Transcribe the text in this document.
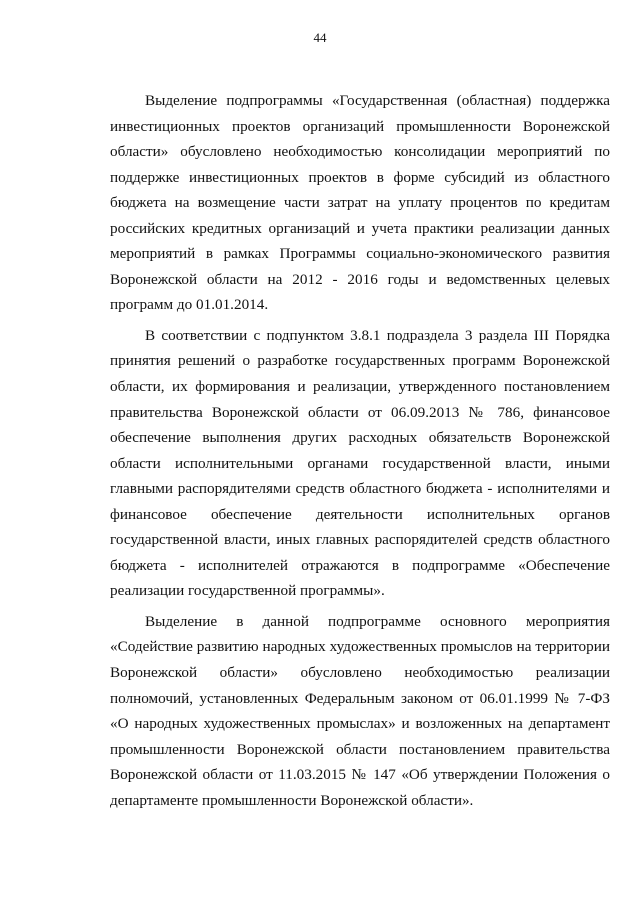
44

Выделение подпрограммы «Государственная (областная) поддержка инвестиционных проектов организаций промышленности Воронежской области» обусловлено необходимостью консолидации мероприятий по поддержке инвестиционных проектов в форме субсидий из областного бюджета на возмещение части затрат на уплату процентов по кредитам российских кредитных организаций и учета практики реализации данных мероприятий в рамках Программы социально-экономического развития Воронежской области на 2012 - 2016 годы и ведомственных целевых программ до 01.01.2014.

В соответствии с подпунктом 3.8.1 подраздела 3 раздела III Порядка принятия решений о разработке государственных программ Воронежской области, их формирования и реализации, утвержденного постановлением правительства Воронежской области от 06.09.2013 № 786, финансовое обеспечение выполнения других расходных обязательств Воронежской области исполнительными органами государственной власти, иными главными распорядителями средств областного бюджета - исполнителями и финансовое обеспечение деятельности исполнительных органов государственной власти, иных главных распорядителей средств областного бюджета - исполнителей отражаются в подпрограмме «Обеспечение реализации государственной программы».

Выделение в данной подпрограмме основного мероприятия «Содействие развитию народных художественных промыслов на территории Воронежской области» обусловлено необходимостью реализации полномочий, установленных Федеральным законом от 06.01.1999 № 7-ФЗ «О народных художественных промыслах» и возложенных на департамент промышленности Воронежской области постановлением правительства Воронежской области от 11.03.2015 № 147 «Об утверждении Положения о департаменте промышленности Воронежской области».
